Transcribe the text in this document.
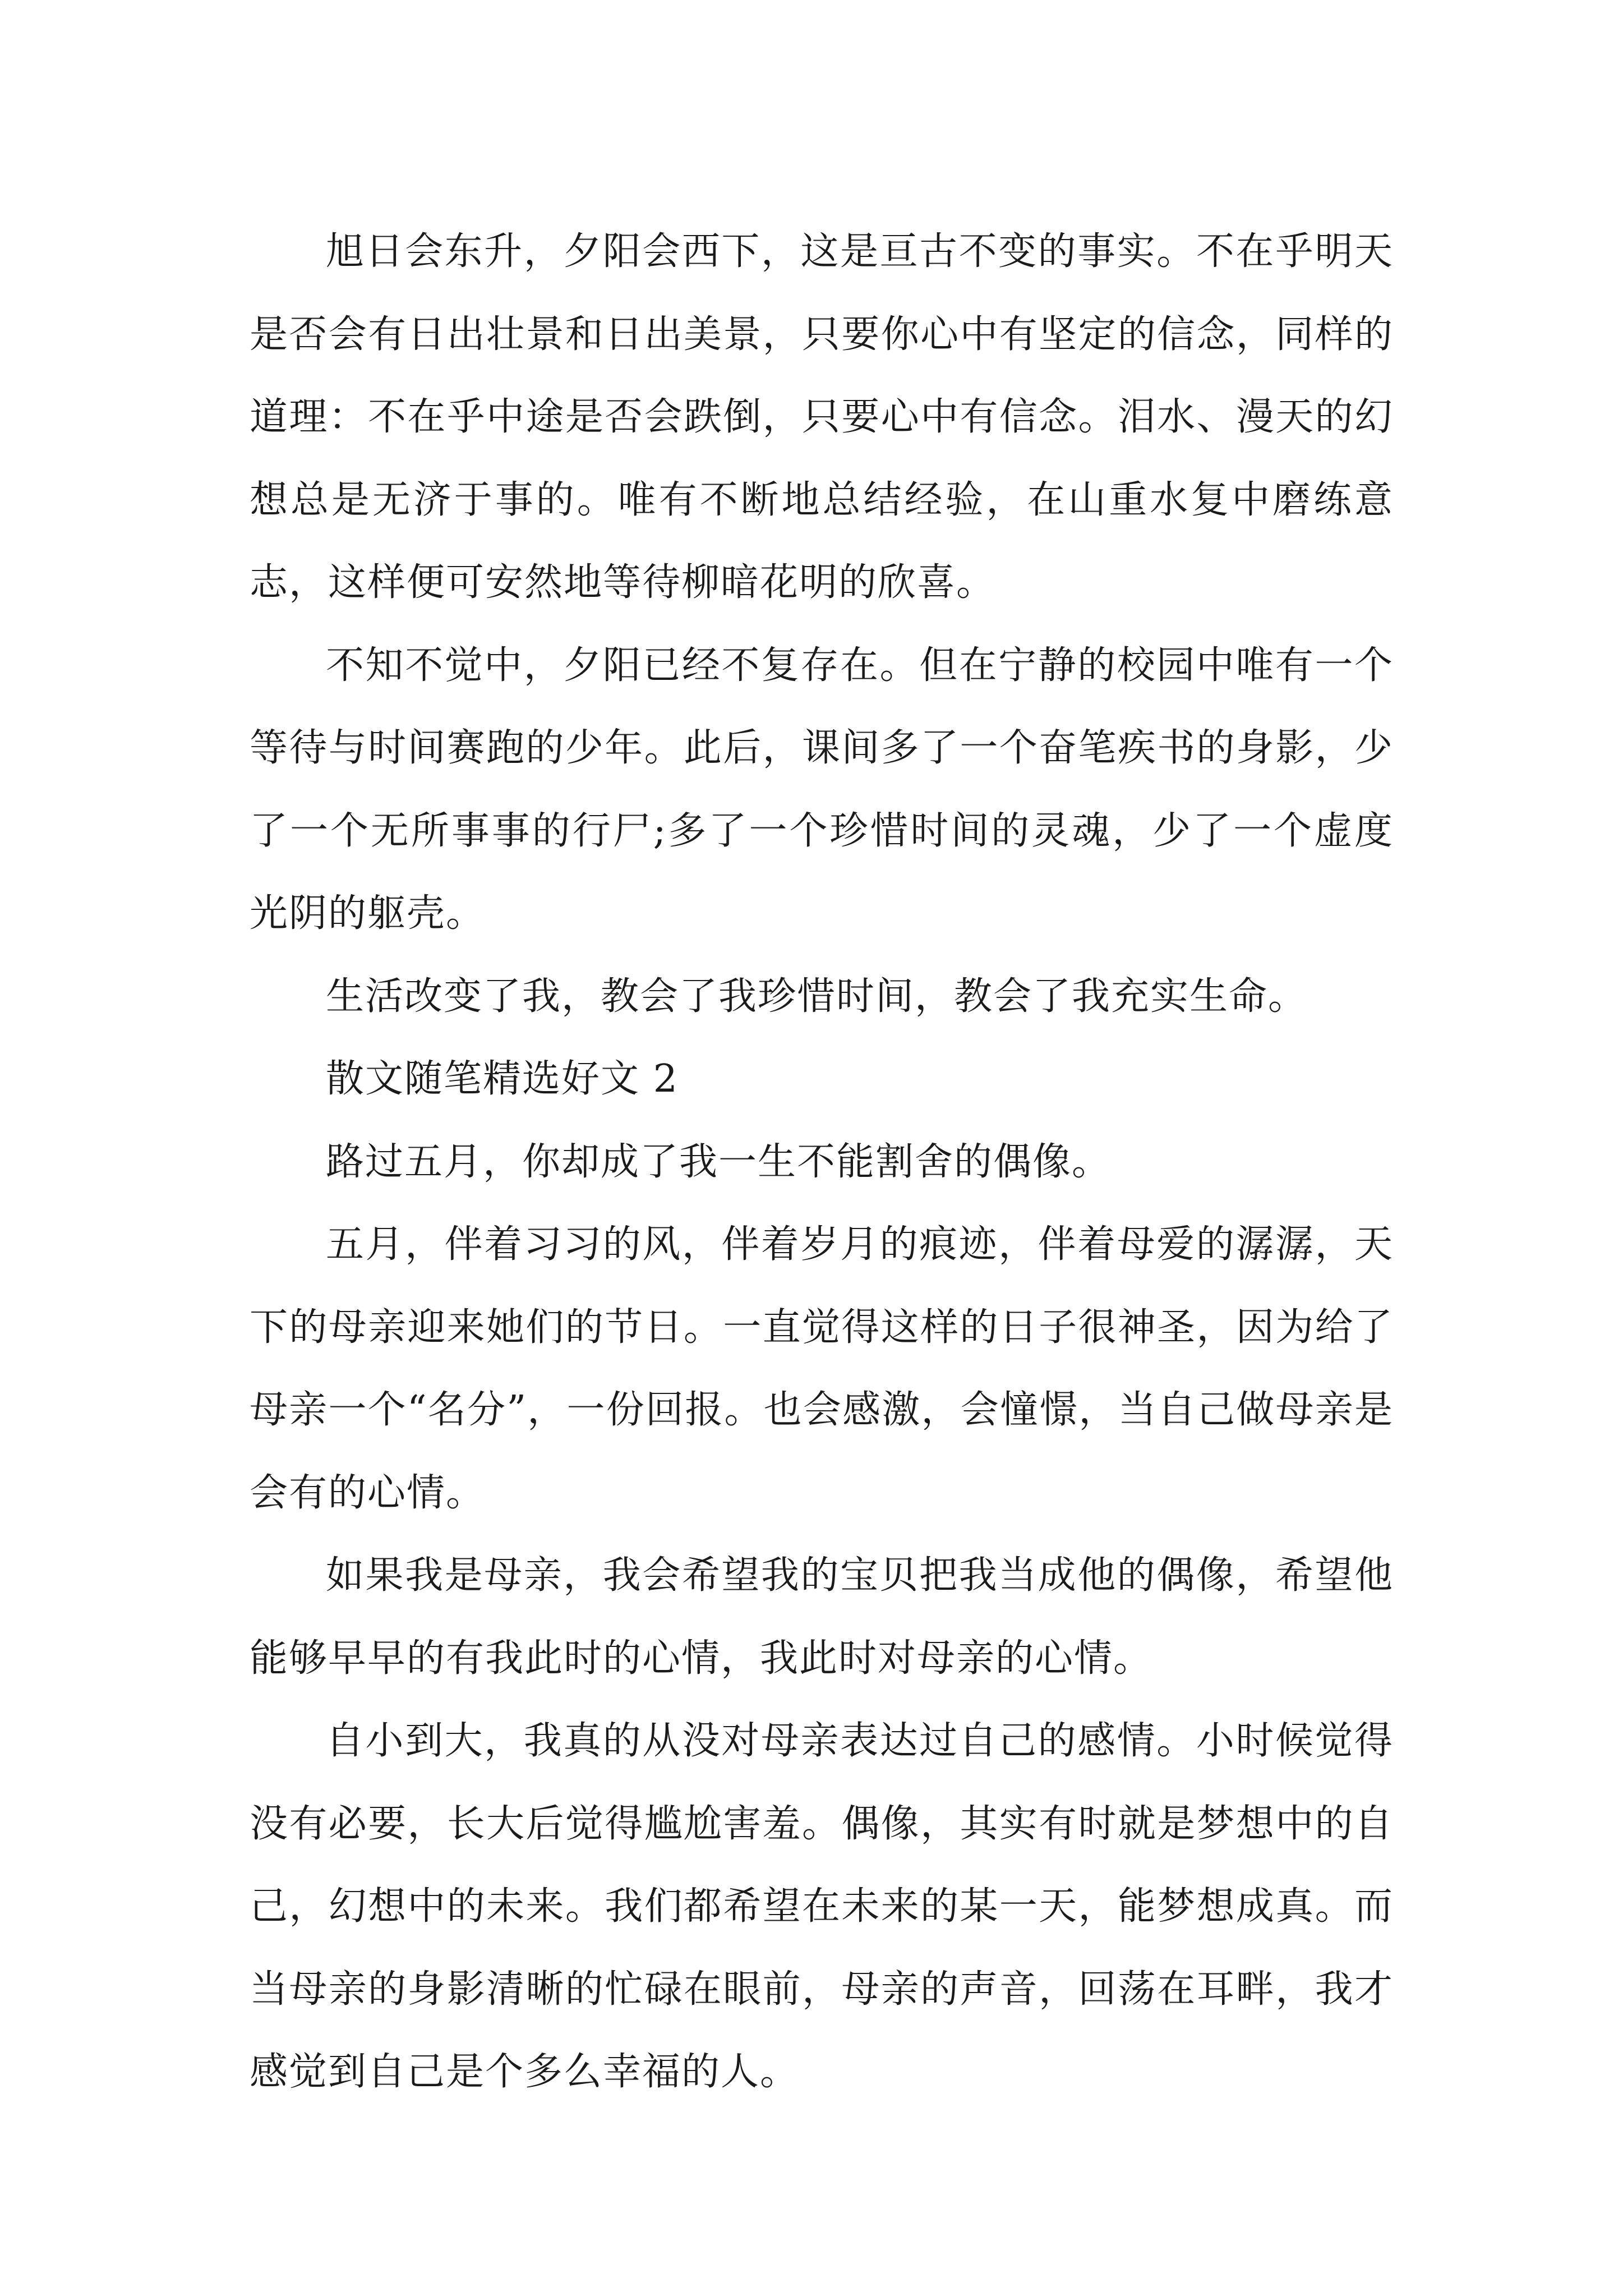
旭日会东升，夕阳会西下，这是亘古不变的事实。不在乎明天是否会有日出壮景和日出美景，只要你心中有坚定的信念，同样的道理：不在乎中途是否会跌倒，只要心中有信念。泪水、漫天的幻想总是无济于事的。唯有不断地总结经验，在山重水复中磨练意志，这样便可安然地等待柳暗花明的欣喜。

不知不觉中，夕阳已经不复存在。但在宁静的校园中唯有一个等待与时间赛跑的少年。此后，课间多了一个奋笔疾书的身影，少了一个无所事事的行尸;多了一个珍惜时间的灵魂，少了一个虚度光阴的躯壳。

生活改变了我，教会了我珍惜时间，教会了我充实生命。

散文随笔精选好文 2

路过五月，你却成了我一生不能割舍的偶像。

五月，伴着习习的风，伴着岁月的痕迹，伴着母爱的潺潺，天下的母亲迎来她们的节日。一直觉得这样的日子很神圣，因为给了母亲一个“名分”，一份回报。也会感激，会憧憬，当自己做母亲是会有的心情。

如果我是母亲，我会希望我的宝贝把我当成他的偶像，希望他能够早早的有我此时的心情，我此时对母亲的心情。

自小到大，我真的从没对母亲表达过自己的感情。小时候觉得没有必要，长大后觉得尴尬害羞。偶像，其实有时就是梦想中的自己，幻想中的未来。我们都希望在未来的某一天，能梦想成真。而当母亲的身影清晰的忙碌在眼前，母亲的声音，回荡在耳畔，我才感觉到自己是个多么幸福的人。
